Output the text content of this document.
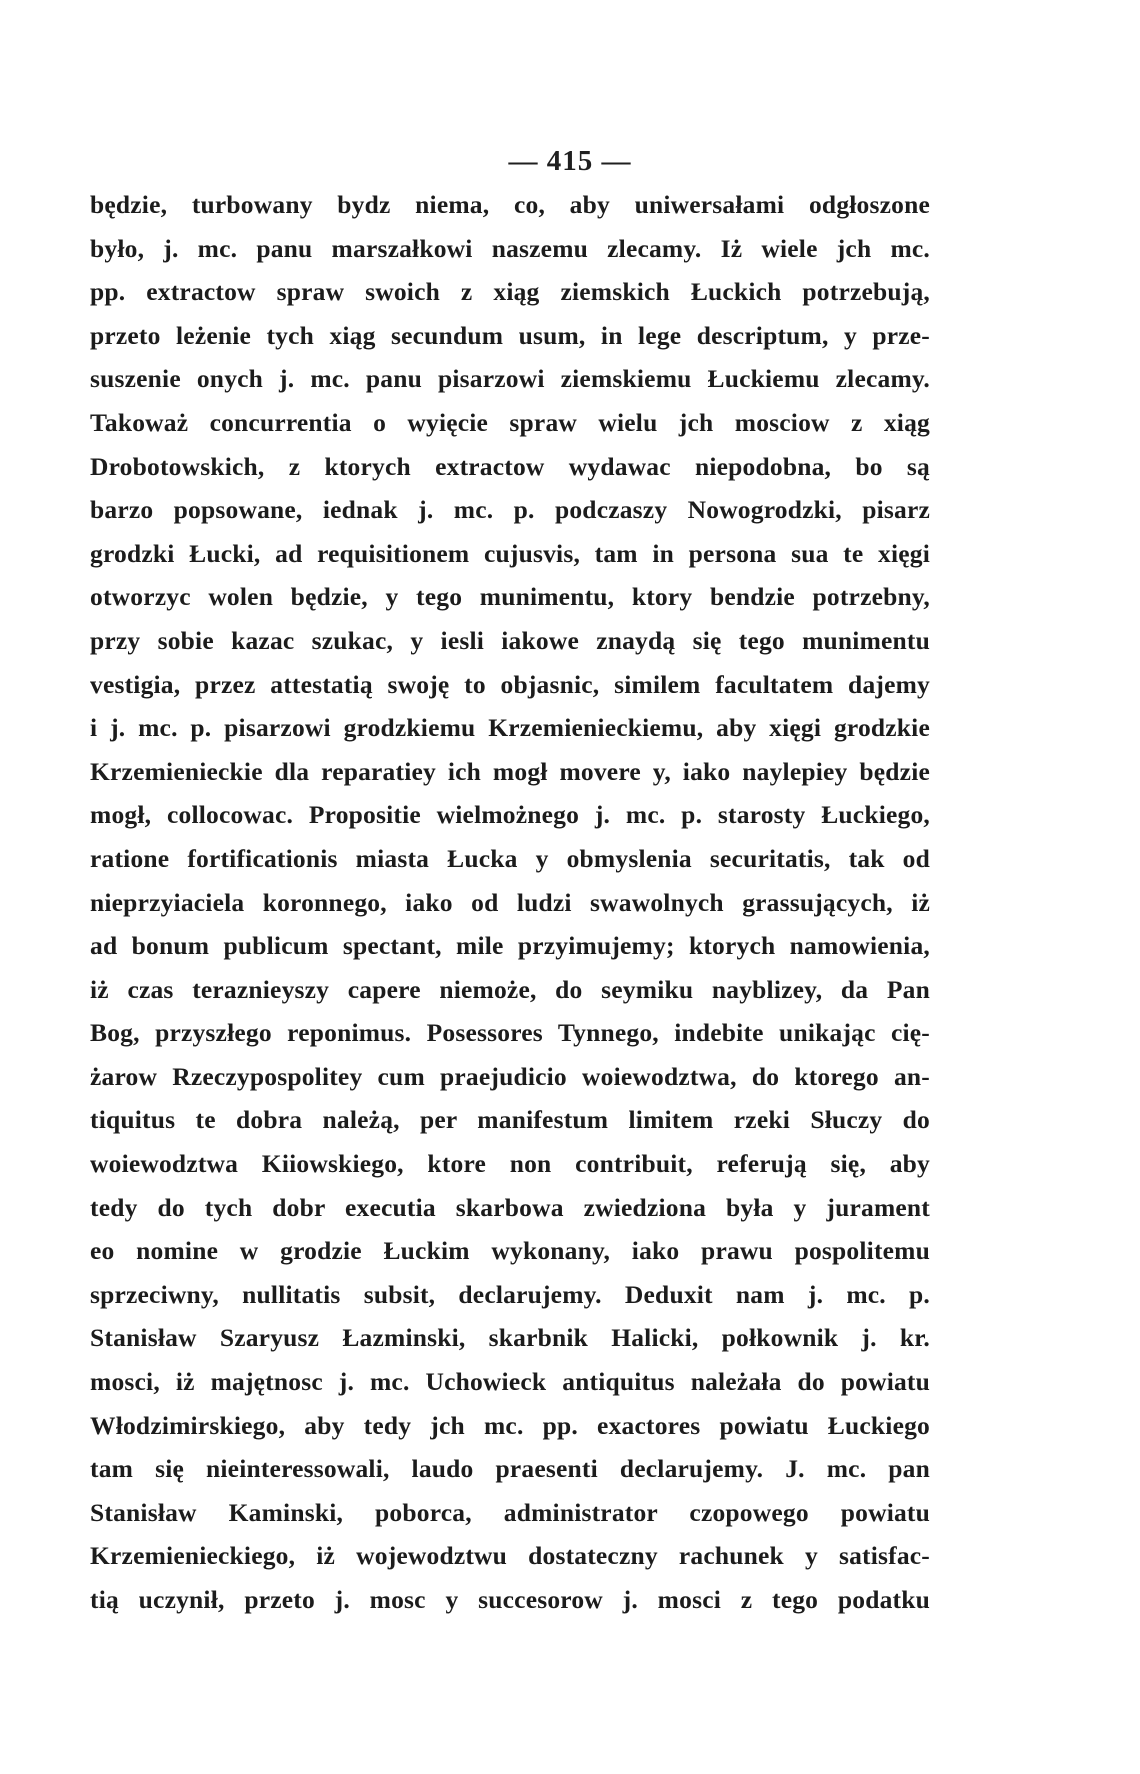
— 415 —
będzie, turbowany bydz niema, co, aby uniwersałami odgłoszone
było, j. mc. panu marszałkowi naszemu zlecamy. Iż wiele jch mc.
pp. extractow spraw swoich z xiąg ziemskich Łuckich potrzebują,
przeto leżenie tych xiąg secundum usum, in lege descriptum, y prze-
suszenie onych j. mc. panu pisarzowi ziemskiemu Łuckiemu zlecamy.
Takoważ concurrentia o wyięcie spraw wielu jch mosciow z xiąg
Drobotowskich, z ktorych extractow wydawac niepodobna, bo są
barzo popsowane, iednak j. mc. p. podczaszy Nowogrodzki, pisarz
grodzki Łucki, ad requisitionem cujusvis, tam in persona sua te xięgi
otworzyc wolen będzie, y tego munimentu, ktory bendzie potrzebny,
przy sobie kazac szukac, y iesli iakowe znaydą się tego munimentu
vestigia, przez attestatią swoję to objasnic, similem facultatem dajemy
i j. mc. p. pisarzowi grodzkiemu Krzemienieckiemu, aby xięgi grodzkie
Krzemienieckie dla reparatiey ich mogł movere y, iako naylepiey będzie
mogł, collocowac. Propositie wielmożnego j. mc. p. starosty Łuckiego,
ratione fortificationis miasta Łucka y obmyslenia securitatis, tak od
nieprzyiaciela koronnego, iako od ludzi swawolnych grassujących, iż
ad bonum publicum spectant, mile przyimujemy; ktorych namowienia,
iż czas teraznieyszy capere niemoże, do seymiku nayblizey, da Pan
Bog, przyszłego reponimus. Posessores Tynnego, indebite unikając cię-
żarow Rzeczypospolitey cum praejudicio woiewodztwa, do ktorego an-
tiquitus te dobra należą, per manifestum limitem rzeki Słuczy do
woiewodztwa Kiiowskiego, ktore non contribuit, referują się, aby
tedy do tych dobr executia skarbowa zwiedziona była y jurament
eo nomine w grodzie Łuckim wykonany, iako prawu pospolitemu
sprzeciwny, nullitatis subsit, declarujemy. Deduxit nam j. mc. p.
Stanisław Szaryusz Łazminski, skarbnik Halicki, połkownik j. kr.
mosci, iż majętnosc j. mc. Uchowieck antiquitus należała do powiatu
Włodzimirskiego, aby tedy jch mc. pp. exactores powiatu Łuckiego
tam się nieinteressowali, laudo praesenti declarujemy. J. mc. pan
Stanisław Kaminski, poborca, administrator czopowego powiatu
Krzemienieckiego, iż wojewodztwu dostateczny rachunek y satisfac-
tią uczynił, przeto j. mosc y succesorow j. mosci z tego podatku
